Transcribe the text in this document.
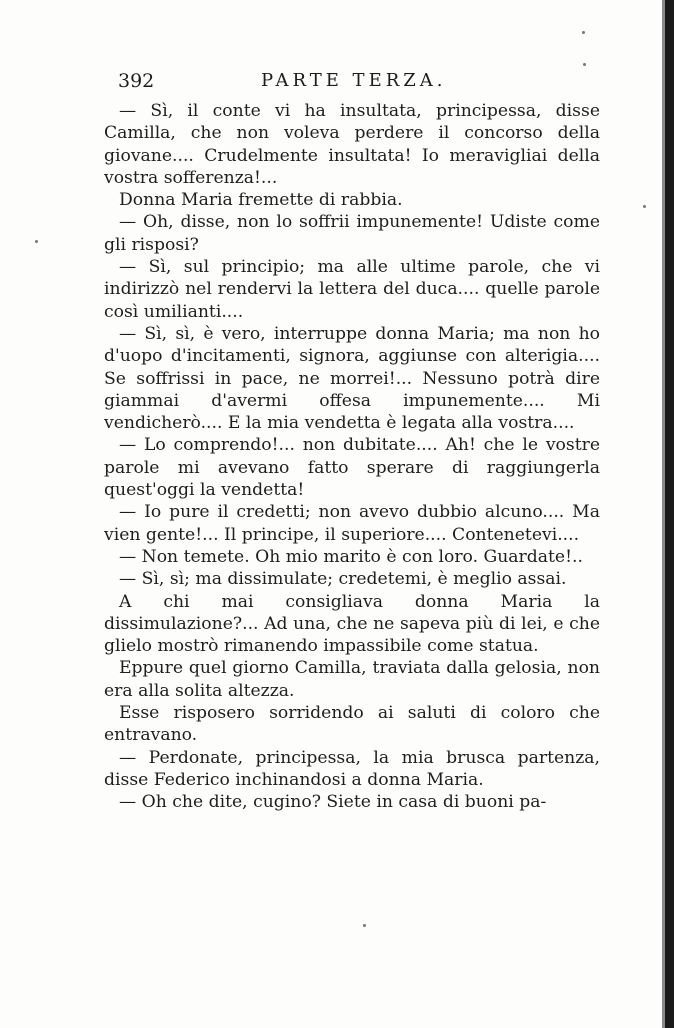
392	PARTE TERZA.

— Sì, il conte vi ha insultata, principessa, disse Camilla, che non voleva perdere il concorso della giovane.... Crudelmente insultata! Io meravigliai della vostra sofferenza!...

Donna Maria fremette di rabbia.

— Oh, disse, non lo soffrii impunemente! Udiste come gli risposi?

— Sì, sul principio; ma alle ultime parole, che vi indirizzò nel rendervi la lettera del duca.... quelle parole così umilianti....

— Sì, sì, è vero, interruppe donna Maria; ma non ho d'uopo d'incitamenti, signora, aggiunse con alterigia.... Se soffrissi in pace, ne morrei!... Nessuno potrà dire giammai d'avermi offesa impunemente.... Mi vendicherò.... E la mia vendetta è legata alla vostra....

— Lo comprendo!... non dubitate.... Ah! che le vostre parole mi avevano fatto sperare di raggiungerla quest'oggi la vendetta!

— Io pure il credetti; non avevo dubbio alcuno.... Ma vien gente!... Il principe, il superiore.... Contenetevi....

— Non temete. Oh mio marito è con loro. Guardate!..

— Sì, sì; ma dissimulate; credetemi, è meglio assai.

A chi mai consigliava donna Maria la dissimulazione?... Ad una, che ne sapeva più di lei, e che glielo mostrò rimanendo impassibile come statua.

Eppure quel giorno Camilla, traviata dalla gelosia, non era alla solita altezza.

Esse risposero sorridendo ai saluti di coloro che entravano.

— Perdonate, principessa, la mia brusca partenza, disse Federico inchinandosi a donna Maria.

— Oh che dite, cugino? Siete in casa di buoni pa-
